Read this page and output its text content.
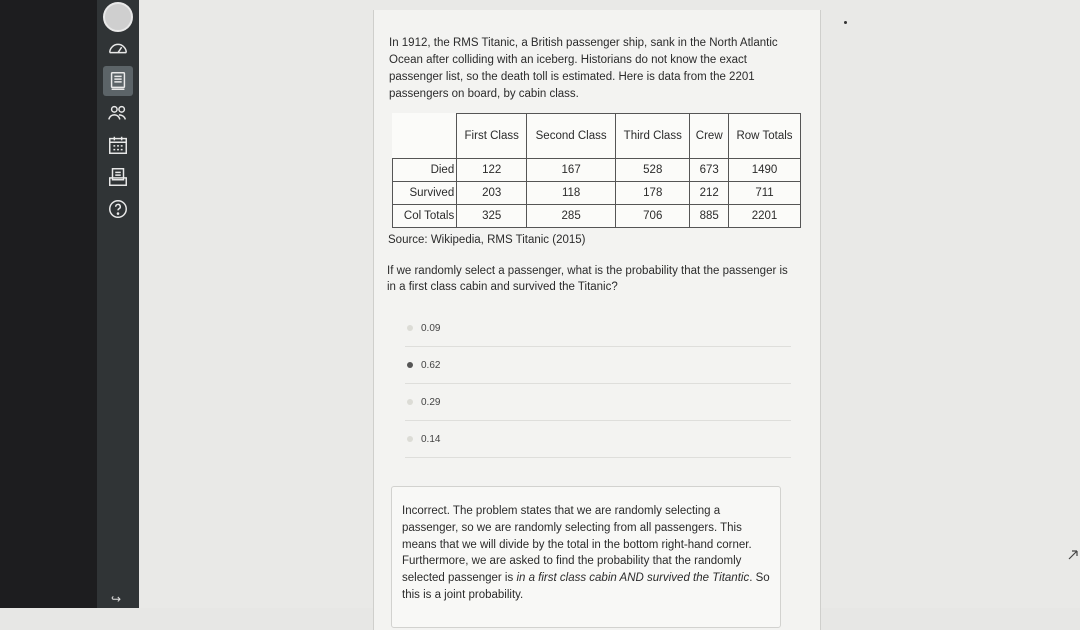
↪

In 1912, the RMS Titanic, a British passenger ship, sank in the North Atlantic Ocean after colliding with an iceberg. Historians do not know the exact passenger list, so the death toll is estimated. Here is data from the 2201 passengers on board, by cabin class.

	First Class	Second Class	Third Class	Crew	Row Totals
Died	122	167	528	673	1490
Survived	203	118	178	212	711
Col Totals	325	285	706	885	2201

Source: Wikipedia, RMS Titanic (2015)

If we randomly select a passenger, what is the probability that the passenger is in a first class cabin and survived the Titanic?

0.09
0.62
0.29
0.14

Incorrect. The problem states that we are randomly selecting a passenger, so we are randomly selecting from all passengers. This means that we will divide by the total in the bottom right-hand corner. Furthermore, we are asked to find the probability that the randomly selected passenger is in a first class cabin AND survived the Titantic. So this is a joint probability.
